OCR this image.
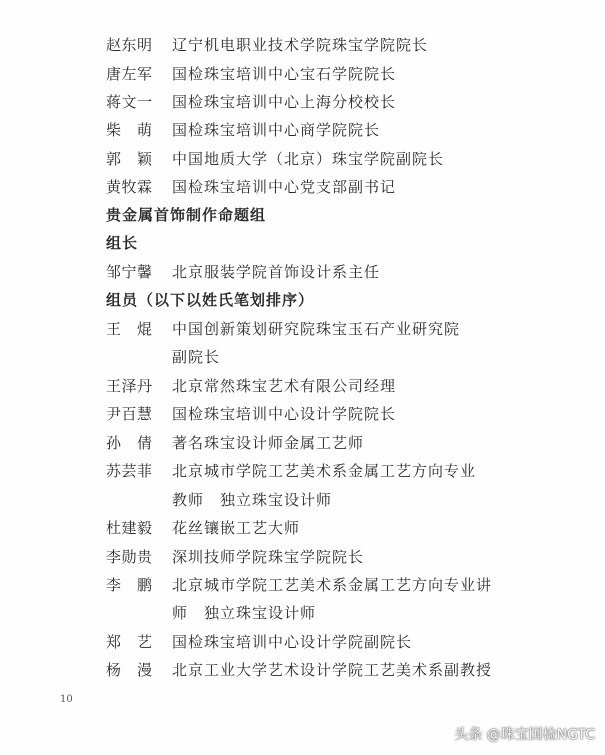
赵东明 辽宁机电职业技术学院珠宝学院院长
唐左军 国检珠宝培训中心宝石学院院长
蒋文一 国检珠宝培训中心上海分校校长
柴　萌 国检珠宝培训中心商学院院长
郭　颖 中国地质大学（北京）珠宝学院副院长
黄牧霖 国检珠宝培训中心党支部副书记
贵金属首饰制作命题组
组长
邹宁馨 北京服装学院首饰设计系主任
组员（以下以姓氏笔划排序）
王　焜 中国创新策划研究院珠宝玉石产业研究院
副院长
王泽丹 北京常然珠宝艺术有限公司经理
尹百慧 国检珠宝培训中心设计学院院长
孙　倩 著名珠宝设计师金属工艺师
苏芸菲 北京城市学院工艺美术系金属工艺方向专业
教师　独立珠宝设计师
杜建毅 花丝镶嵌工艺大师
李勋贵 深圳技师学院珠宝学院院长
李　鹏 北京城市学院工艺美术系金属工艺方向专业讲
师　独立珠宝设计师
郑　艺 国检珠宝培训中心设计学院副院长
杨　漫 北京工业大学艺术设计学院工艺美术系副教授
10
头条 @珠宝国检NGTC
